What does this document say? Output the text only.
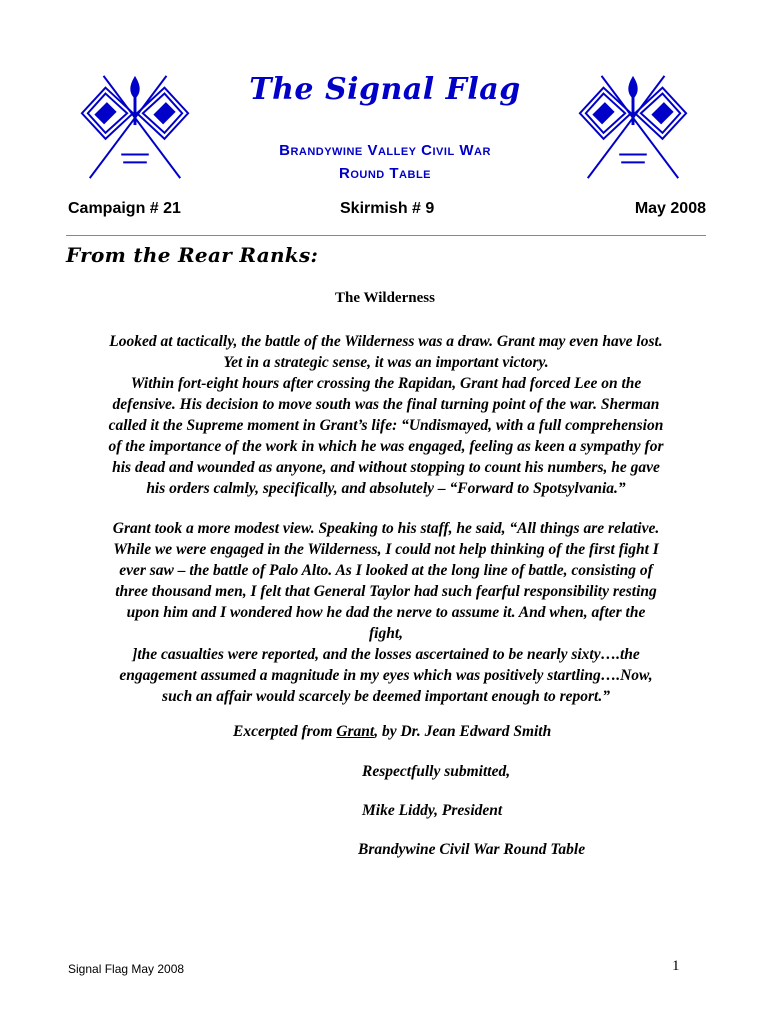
The Signal Flag
Brandywine Valley Civil War
Round Table
Campaign # 21	Skirmish # 9	May 2008
From the Rear Ranks:
The Wilderness
Looked at tactically, the battle of the Wilderness was a draw. Grant may even have lost.
Yet in a strategic sense, it was an important victory.
Within fort-eight hours after crossing the Rapidan, Grant had forced Lee on the
defensive. His decision to move south was the final turning point of the war. Sherman
called it the Supreme moment in Grant’s life: “Undismayed, with a full comprehension
of the importance of the work in which he was engaged, feeling as keen a sympathy for
his dead and wounded as anyone, and without stopping to count his numbers, he gave
his orders calmly, specifically, and absolutely – “Forward to Spotsylvania.”
Grant took a more modest view. Speaking to his staff, he said, “All things are relative.
While we were engaged in the Wilderness, I could not help thinking of the first fight I
ever saw – the battle of Palo Alto. As I looked at the long line of battle, consisting of
three thousand men, I felt that General Taylor had such fearful responsibility resting
upon him and I wondered how he dad the nerve to assume it. And when, after the
fight,
]the casualties were reported, and the losses ascertained to be nearly sixty….the
engagement assumed a magnitude in my eyes which was positively startling….Now,
such an affair would scarcely be deemed important enough to report.”
Excerpted from Grant, by Dr. Jean Edward Smith
Respectfully submitted,
Mike Liddy, President
Brandywine Civil War Round Table
Signal Flag May 2008	1
